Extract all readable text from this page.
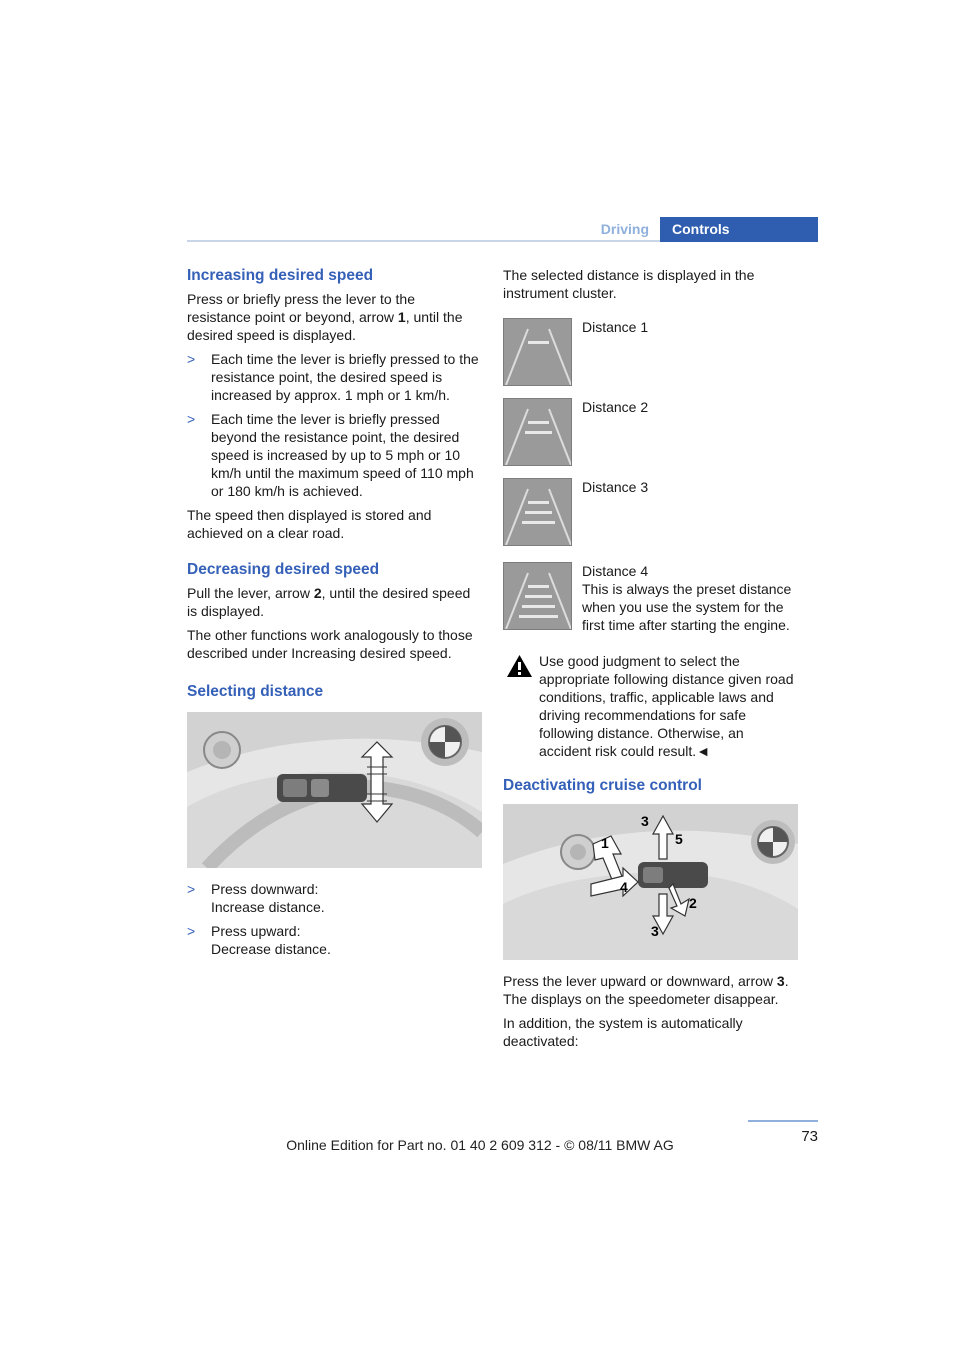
Driving	Controls
Increasing desired speed

Press or briefly press the lever to the resistance point or beyond, arrow 1, until the desired speed is displayed.

> Each time the lever is briefly pressed to the resistance point, the desired speed is increased by approx. 1 mph or 1 km/h.
> Each time the lever is briefly pressed beyond the resistance point, the desired speed is increased by up to 5 mph or 10 km/h until the maximum speed of 110 mph or 180 km/h is achieved.

The speed then displayed is stored and achieved on a clear road.

Decreasing desired speed

Pull the lever, arrow 2, until the desired speed is displayed.

The other functions work analogously to those described under Increasing desired speed.

Selecting distance
> Press downward:
Increase distance.
> Press upward:
Decrease distance.

The selected distance is displayed in the instrument cluster.

Distance 1
Distance 2
Distance 3
Distance 4
This is always the preset distance when you use the system for the first time after starting the engine.
Use good judgment to select the appropriate following distance given road conditions, traffic, applicable laws and driving recommendations for safe following distance. Otherwise, an accident risk could result.◄
Deactivating cruise control
1
2
3
3
4
5

Press the lever upward or downward, arrow 3.
The displays on the speedometer disappear.

In addition, the system is automatically deactivated:

73
Online Edition for Part no. 01 40 2 609 312 - © 08/11 BMW AG
